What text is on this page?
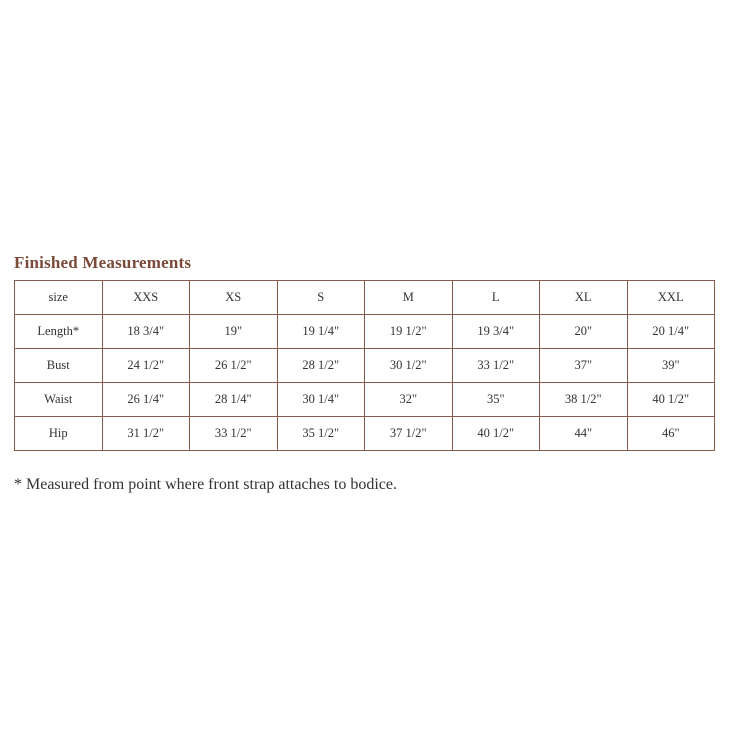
Finished Measurements
size	XXS	XS	S	M	L	XL	XXL
Length*	18 3/4"	19"	19 1/4"	19 1/2"	19 3/4"	20"	20 1/4"
Bust	24 1/2"	26 1/2"	28 1/2"	30 1/2"	33 1/2"	37"	39"
Waist	26 1/4"	28 1/4"	30 1/4"	32"	35"	38 1/2"	40 1/2"
Hip	31 1/2"	33 1/2"	35 1/2"	37 1/2"	40 1/2"	44"	46"
* Measured from point where front strap attaches to bodice.
